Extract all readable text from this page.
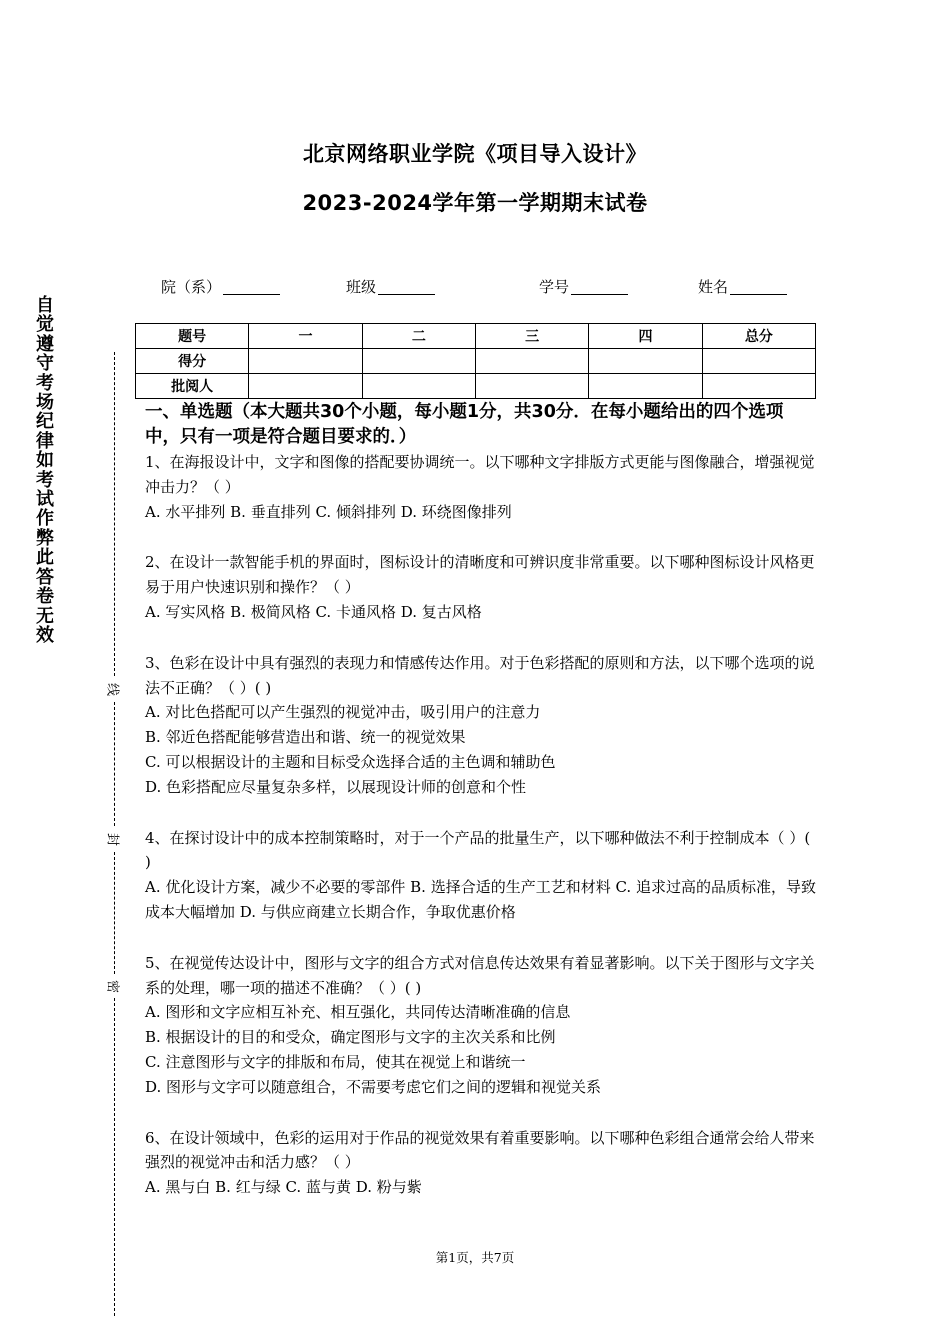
北京网络职业学院《项目导入设计》
2023-2024学年第一学期期末试卷
院（系）	班级	学号	姓名
题号	一	二	三	四	总分
得分					
批阅人					
自
觉
遵
守
考
场
纪
律
如
考
试
作
弊
此
答
卷
无
效
线
封
密

一、单选题（本大题共30个小题，每小题1分，共30分．在每小题给出的四个选项中，只有一项是符合题目要求的．）

1、在海报设计中，文字和图像的搭配要协调统一。以下哪种文字排版方式更能与图像融合，增强视觉冲击力？（ ）

A. 水平排列 B. 垂直排列 C. 倾斜排列 D. 环绕图像排列

2、在设计一款智能手机的界面时，图标设计的清晰度和可辨识度非常重要。以下哪种图标设计风格更易于用户快速识别和操作？（ ）

A. 写实风格 B. 极简风格 C. 卡通风格 D. 复古风格

3、色彩在设计中具有强烈的表现力和情感传达作用。对于色彩搭配的原则和方法，以下哪个选项的说法不正确？（ ）( )

A. 对比色搭配可以产生强烈的视觉冲击，吸引用户的注意力

B. 邻近色搭配能够营造出和谐、统一的视觉效果

C. 可以根据设计的主题和目标受众选择合适的主色调和辅助色

D. 色彩搭配应尽量复杂多样，以展现设计师的创意和个性

4、在探讨设计中的成本控制策略时，对于一个产品的批量生产，以下哪种做法不利于控制成本（ ）( )

A. 优化设计方案，减少不必要的零部件 B. 选择合适的生产工艺和材料 C. 追求过高的品质标准，导致成本大幅增加 D. 与供应商建立长期合作，争取优惠价格

5、在视觉传达设计中，图形与文字的组合方式对信息传达效果有着显著影响。以下关于图形与文字关系的处理，哪一项的描述不准确？（ ）( )

A. 图形和文字应相互补充、相互强化，共同传达清晰准确的信息

B. 根据设计的目的和受众，确定图形与文字的主次关系和比例

C. 注意图形与文字的排版和布局，使其在视觉上和谐统一

D. 图形与文字可以随意组合，不需要考虑它们之间的逻辑和视觉关系

6、在设计领域中，色彩的运用对于作品的视觉效果有着重要影响。以下哪种色彩组合通常会给人带来强烈的视觉冲击和活力感？（ ）

A. 黑与白 B. 红与绿 C. 蓝与黄 D. 粉与紫

第1页，共7页
